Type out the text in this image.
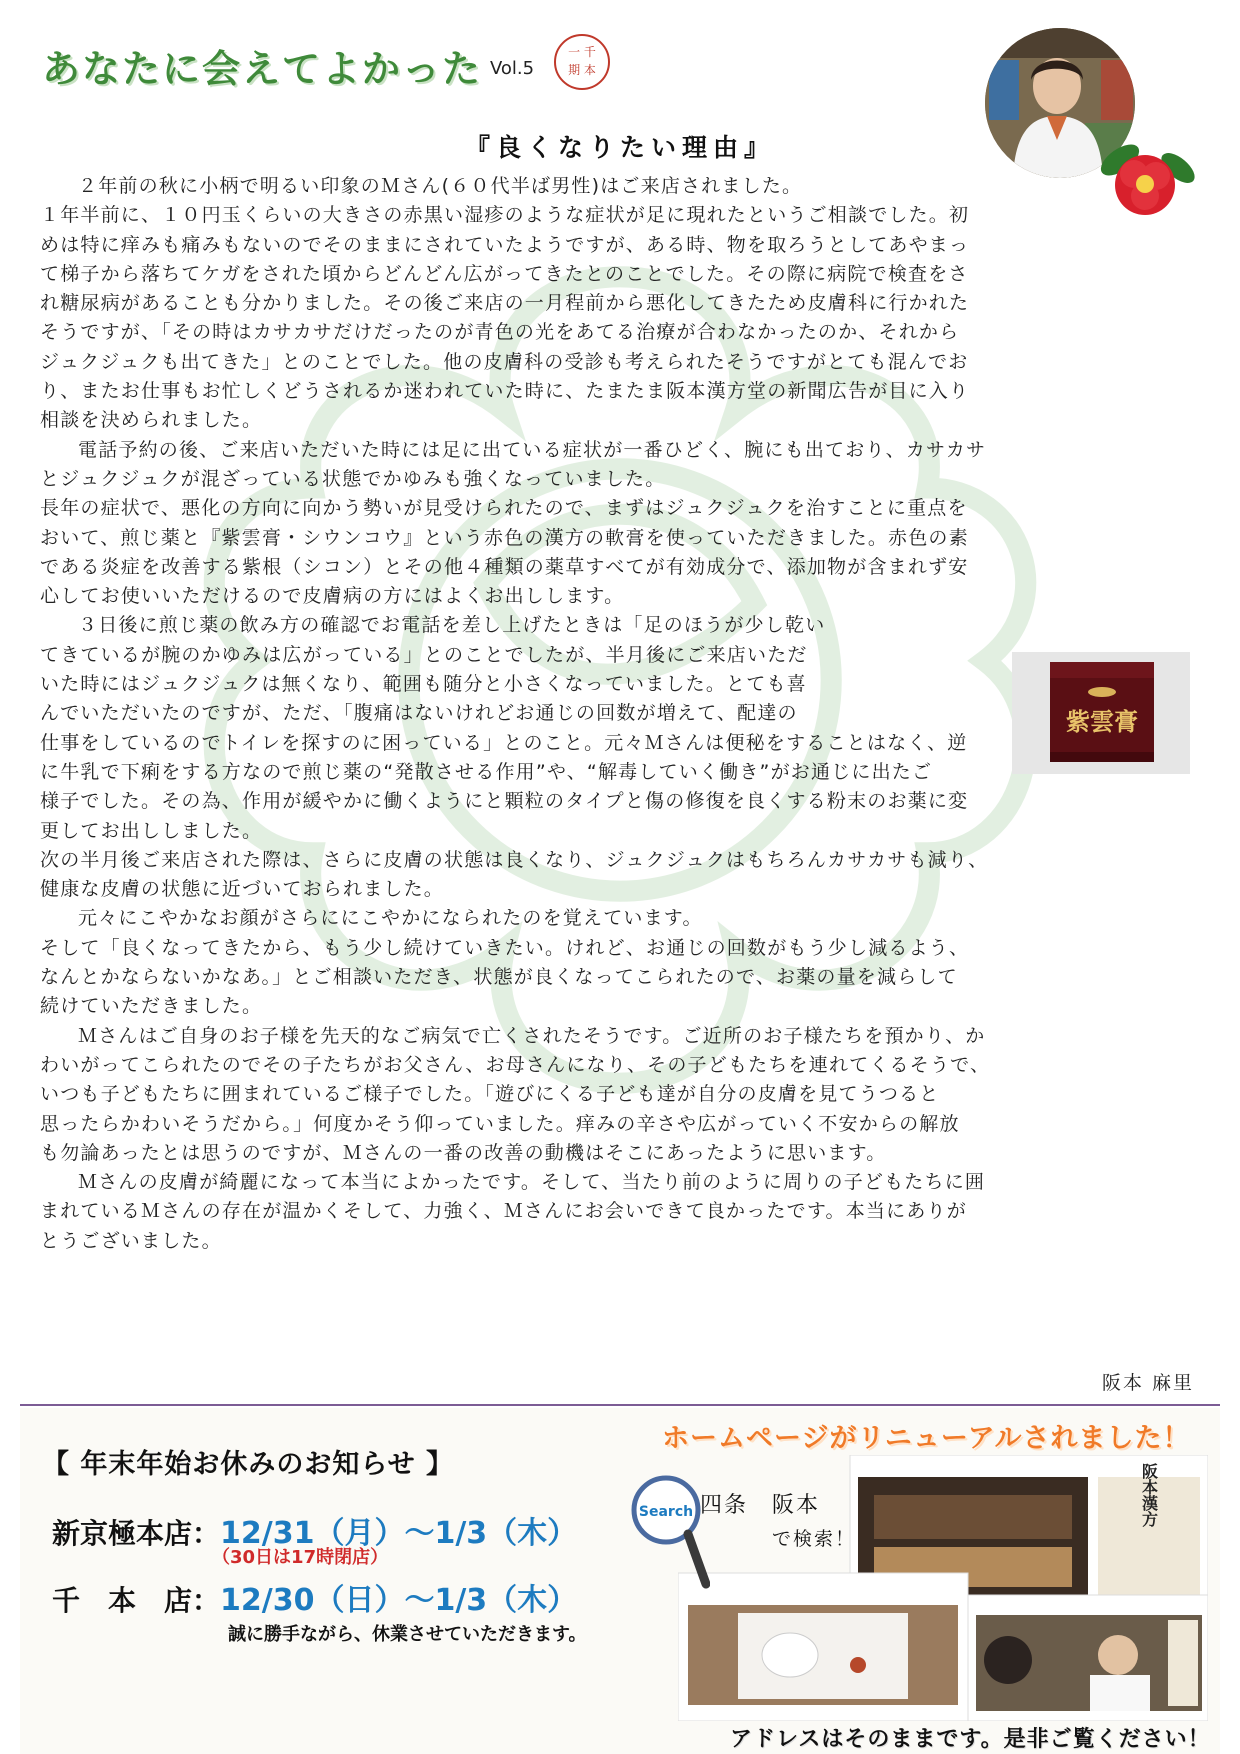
あなたに会えてよかった Vol.5
一 千
期 本
『良くなりたい理由』

２年前の秋に小柄で明るい印象のＭさん(６０代半ば男性)はご来店されました。

１年半前に、１０円玉くらいの大きさの赤黒い湿疹のような症状が足に現れたというご相談でした。初

めは特に痒みも痛みもないのでそのままにされていたようですが、ある時、物を取ろうとしてあやまっ

て梯子から落ちてケガをされた頃からどんどん広がってきたとのことでした。その際に病院で検査をさ

れ糖尿病があることも分かりました。その後ご来店の一月程前から悪化してきたため皮膚科に行かれた

そうですが、「その時はカサカサだけだったのが青色の光をあてる治療が合わなかったのか、それから

ジュクジュクも出てきた」とのことでした。他の皮膚科の受診も考えられたそうですがとても混んでお

り、またお仕事もお忙しくどうされるか迷われていた時に、たまたま阪本漢方堂の新聞広告が目に入り

相談を決められました。

電話予約の後、ご来店いただいた時には足に出ている症状が一番ひどく、腕にも出ており、カサカサ

とジュクジュクが混ざっている状態でかゆみも強くなっていました。

長年の症状で、悪化の方向に向かう勢いが見受けられたので、まずはジュクジュクを治すことに重点を

おいて、煎じ薬と『紫雲膏・シウンコウ』という赤色の漢方の軟膏を使っていただきました。赤色の素

である炎症を改善する紫根（シコン）とその他４種類の薬草すべてが有効成分で、添加物が含まれず安

心してお使いいただけるので皮膚病の方にはよくお出しします。

３日後に煎じ薬の飲み方の確認でお電話を差し上げたときは「足のほうが少し乾い

てきているが腕のかゆみは広がっている」とのことでしたが、半月後にご来店いただ

いた時にはジュクジュクは無くなり、範囲も随分と小さくなっていました。とても喜

んでいただいたのですが、ただ、「腹痛はないけれどお通じの回数が増えて、配達の

仕事をしているのでトイレを探すのに困っている」とのこと。元々Ｍさんは便秘をすることはなく、逆

に牛乳で下痢をする方なので煎じ薬の“発散させる作用”や、“解毒していく働き”がお通じに出たご

様子でした。その為、作用が緩やかに働くようにと顆粒のタイプと傷の修復を良くする粉末のお薬に変

更してお出ししました。

次の半月後ご来店された際は、さらに皮膚の状態は良くなり、ジュクジュクはもちろんカサカサも減り、

健康な皮膚の状態に近づいておられました。

元々にこやかなお顔がさらににこやかになられたのを覚えています。

そして「良くなってきたから、もう少し続けていきたい。けれど、お通じの回数がもう少し減るよう、

なんとかならないかなあ。」とご相談いただき、状態が良くなってこられたので、お薬の量を減らして

続けていただきました。

Ｍさんはご自身のお子様を先天的なご病気で亡くされたそうです。ご近所のお子様たちを預かり、か

わいがってこられたのでその子たちがお父さん、お母さんになり、その子どもたちを連れてくるそうで、

いつも子どもたちに囲まれているご様子でした。「遊びにくる子ども達が自分の皮膚を見てうつると

思ったらかわいそうだから。」何度かそう仰っていました。痒みの辛さや広がっていく不安からの解放

も勿論あったとは思うのですが、Ｍさんの一番の改善の動機はそこにあったように思います。

Ｍさんの皮膚が綺麗になって本当によかったです。そして、当たり前のように周りの子どもたちに囲

まれているＭさんの存在が温かくそして、力強く、Ｍさんにお会いできて良かったです。本当にありが

とうございました。

紫雲膏
阪本 麻里
【 年末年始お休みのお知らせ 】
新京極本店：12/31（月）～1/3（木）
（30日は17時閉店）
千　本　店：12/30（日）～1/3（木）
誠に勝手ながら、休業させていただきます。
ホームページがリニューアルされました！
阪本漢方
Search 四条　阪本
で検索！
アドレスはそのままです。是非ご覧ください！
